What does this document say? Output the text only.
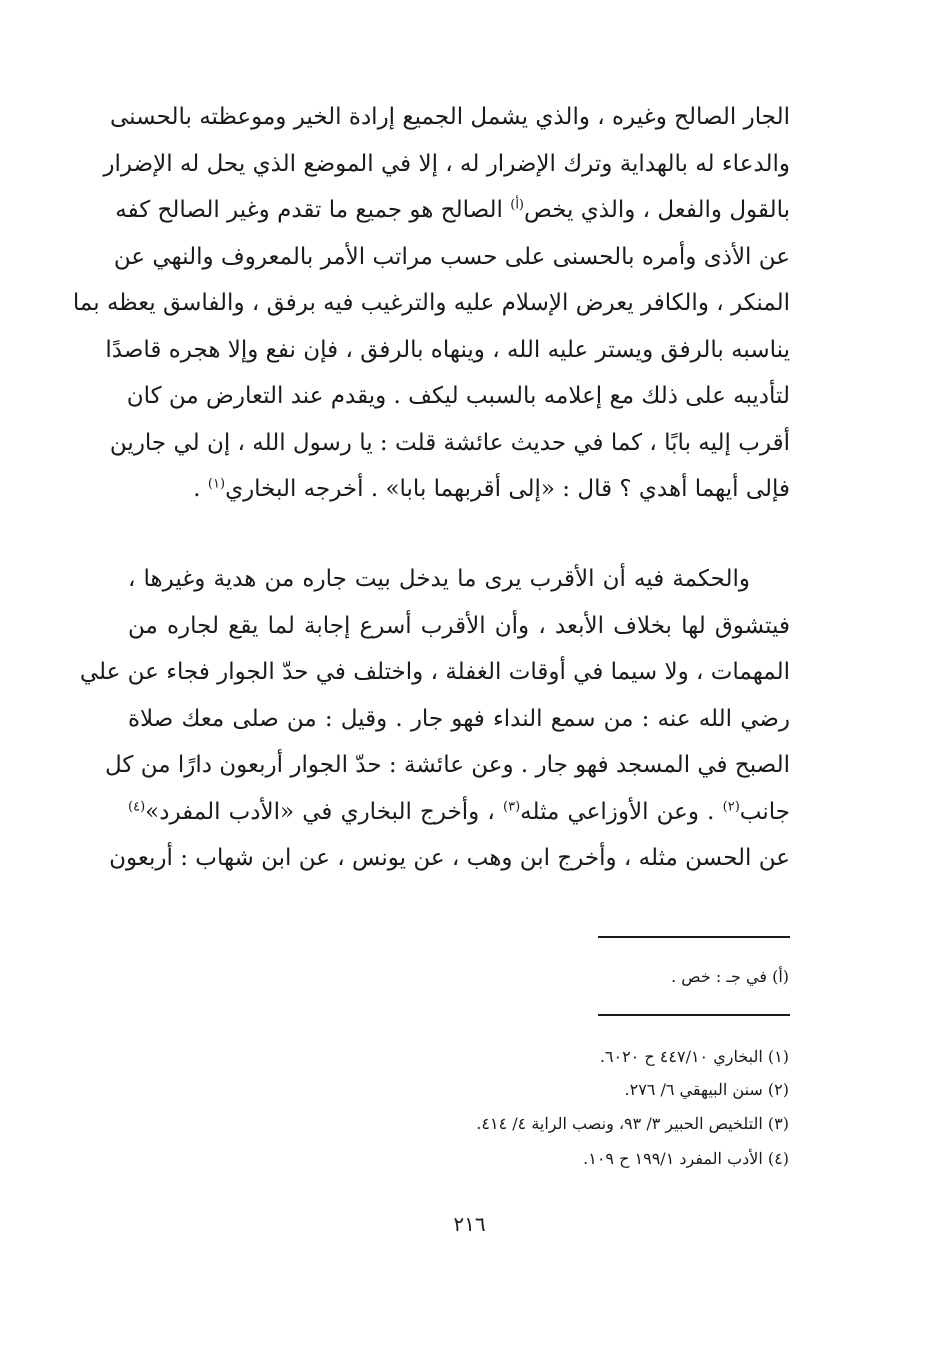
الجار الصالح وغيره ، والذي يشمل الجميع إرادة الخير وموعظته بالحسنى
والدعاء له بالهداية وترك الإضرار له ، إلا في الموضع الذي يحل له الإضرار
بالقول والفعل ، والذي يخص$^{(أ)}$ الصالح هو جميع ما تقدم وغير الصالح كفه
عن الأذى وأمره بالحسنى على حسب مراتب الأمر بالمعروف والنهي عن
المنكر ، والكافر يعرض الإسلام عليه والترغيب فيه برفق ، والفاسق يعظه بما
يناسبه بالرفق ويستر عليه الله ، وينهاه بالرفق ، فإن نفع وإلا هجره قاصدًا
لتأديبه على ذلك مع إعلامه بالسبب ليكف . ويقدم عند التعارض من كان
أقرب إليه بابًا ، كما في حديث عائشة قلت : يا رسول الله ، إن لي جارين
فإلى أيهما أهدي ؟ قال : «إلى أقربهما بابا» . أخرجه البخاري$^{(١)}$ .
والحكمة فيه أن الأقرب يرى ما يدخل بيت جاره من هدية وغيرها ،
فيتشوق لها بخلاف الأبعد ، وأن الأقرب أسرع إجابة لما يقع لجاره من
المهمات ، ولا سيما في أوقات الغفلة ، واختلف في حدّ الجوار فجاء عن علي
رضي الله عنه : من سمع النداء فهو جار . وقيل : من صلى معك صلاة
الصبح في المسجد فهو جار . وعن عائشة : حدّ الجوار أربعون دارًا من كل
جانب$^{(٢)}$ . وعن الأوزاعي مثله$^{(٣)}$ ، وأخرج البخاري في «الأدب المفرد»$^{(٤)}$
عن الحسن مثله ، وأخرج ابن وهب ، عن يونس ، عن ابن شهاب : أربعون
(أ) في جـ : خص .
(١) البخاري ٤٤٧/١٠ ح ٦٠٢٠.
(٢) سنن البيهقي ٦/ ٢٧٦.
(٣) التلخيص الحبير ٣/ ٩٣، ونصب الراية ٤/ ٤١٤.
(٤) الأدب المفرد ١٩٩/١ ح ١٠٩.
٢١٦
